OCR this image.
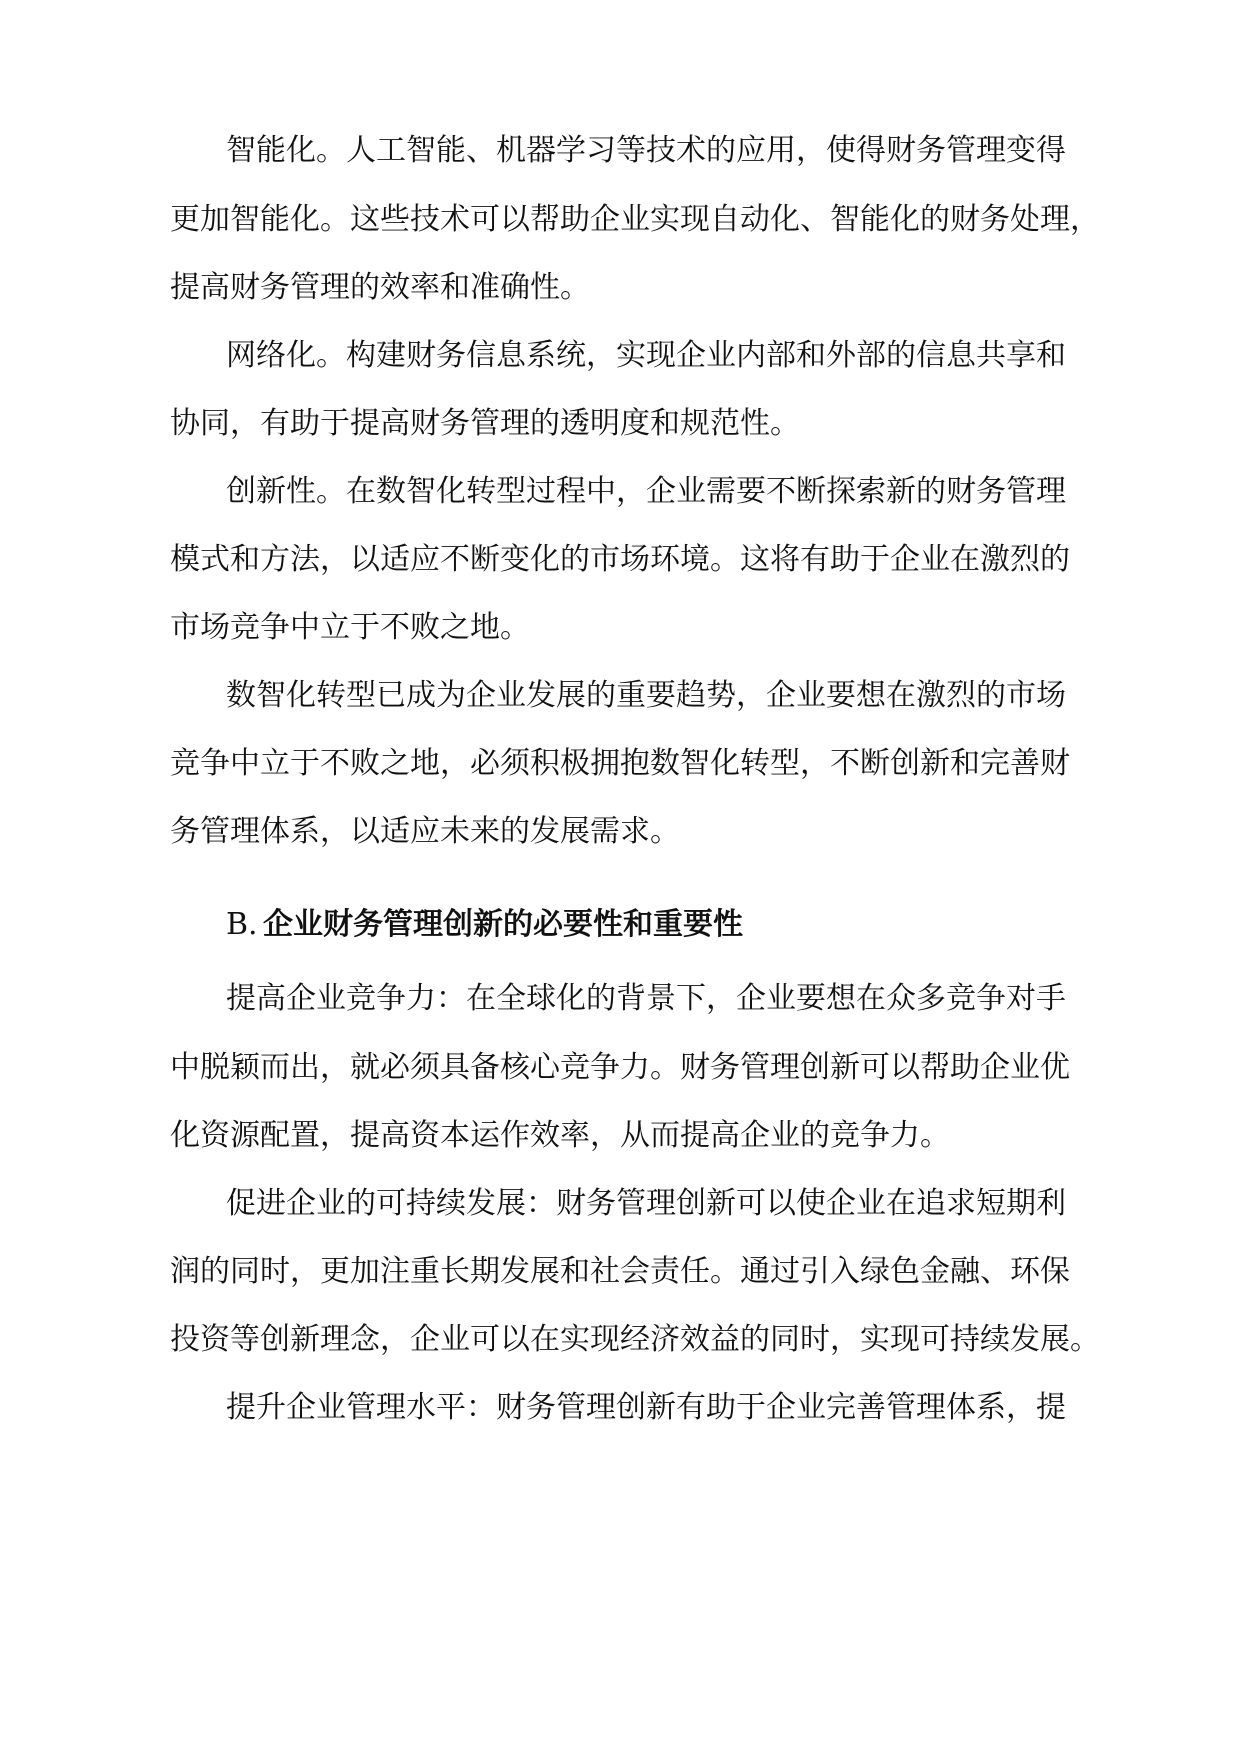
智能化。人工智能、机器学习等技术的应用，使得财务管理变得
更加智能化。这些技术可以帮助企业实现自动化、智能化的财务处理，
提高财务管理的效率和准确性。
网络化。构建财务信息系统，实现企业内部和外部的信息共享和
协同，有助于提高财务管理的透明度和规范性。
创新性。在数智化转型过程中，企业需要不断探索新的财务管理
模式和方法，以适应不断变化的市场环境。这将有助于企业在激烈的
市场竞争中立于不败之地。
数智化转型已成为企业发展的重要趋势，企业要想在激烈的市场
竞争中立于不败之地，必须积极拥抱数智化转型，不断创新和完善财
务管理体系，以适应未来的发展需求。
B. 企业财务管理创新的必要性和重要性
提高企业竞争力：在全球化的背景下，企业要想在众多竞争对手
中脱颖而出，就必须具备核心竞争力。财务管理创新可以帮助企业优
化资源配置，提高资本运作效率，从而提高企业的竞争力。
促进企业的可持续发展：财务管理创新可以使企业在追求短期利
润的同时，更加注重长期发展和社会责任。通过引入绿色金融、环保
投资等创新理念，企业可以在实现经济效益的同时，实现可持续发展。
提升企业管理水平：财务管理创新有助于企业完善管理体系，提
